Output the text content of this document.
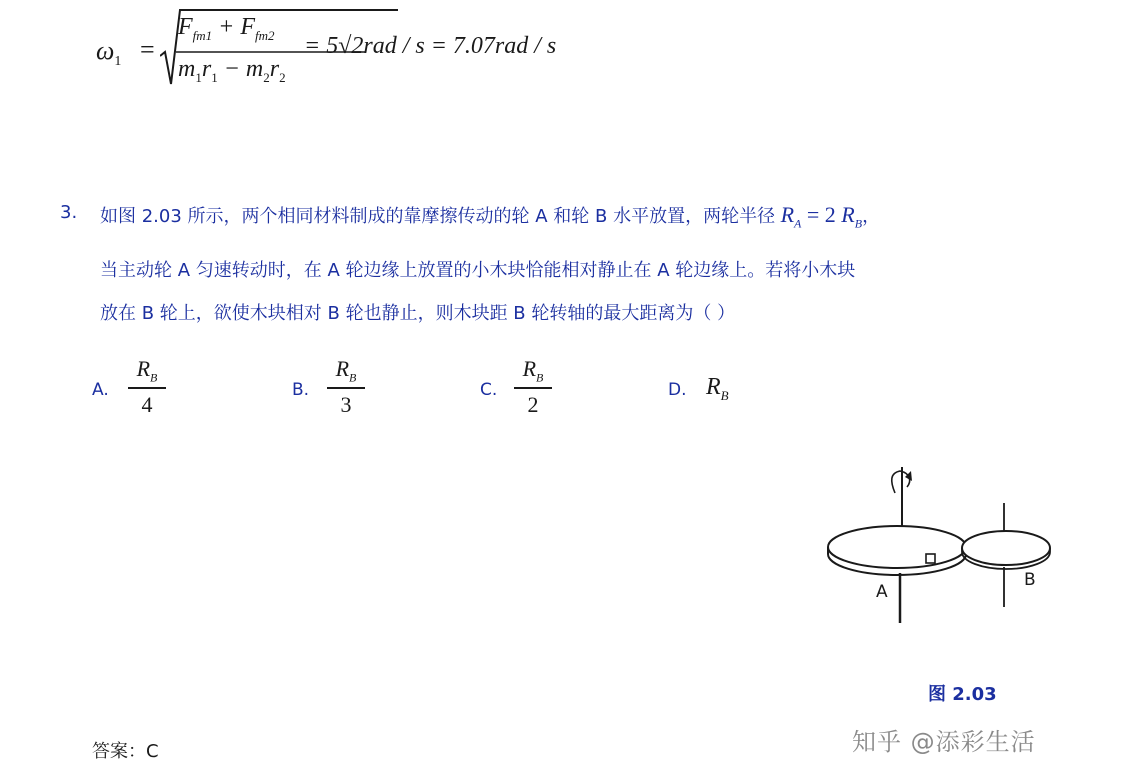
$\omega_1$ =
$F_{fm1} + F_{fm2}$
$m_1r_1 - m_2r_2$
= 5√2rad / s = 7.07rad / s
3. 如图 2.03 所示，两个相同材料制成的靠摩擦传动的轮 A 和轮 B 水平放置，两轮半径 $R_A = 2$ $R_B$，
当主动轮 A 匀速转动时，在 A 轮边缘上放置的小木块恰能相对静止在 A 轮边缘上。若将小木块
放在 B 轮上，欲使木块相对 B 轮也静止，则木块距 B 轮转轴的最大距离为（ ）
A.
$R_B$
4
B.
$R_B$
3
C.
$R_B$
2
D. $R_B$
A
B
图 2.03
答案：C	知乎 @添彩生活
